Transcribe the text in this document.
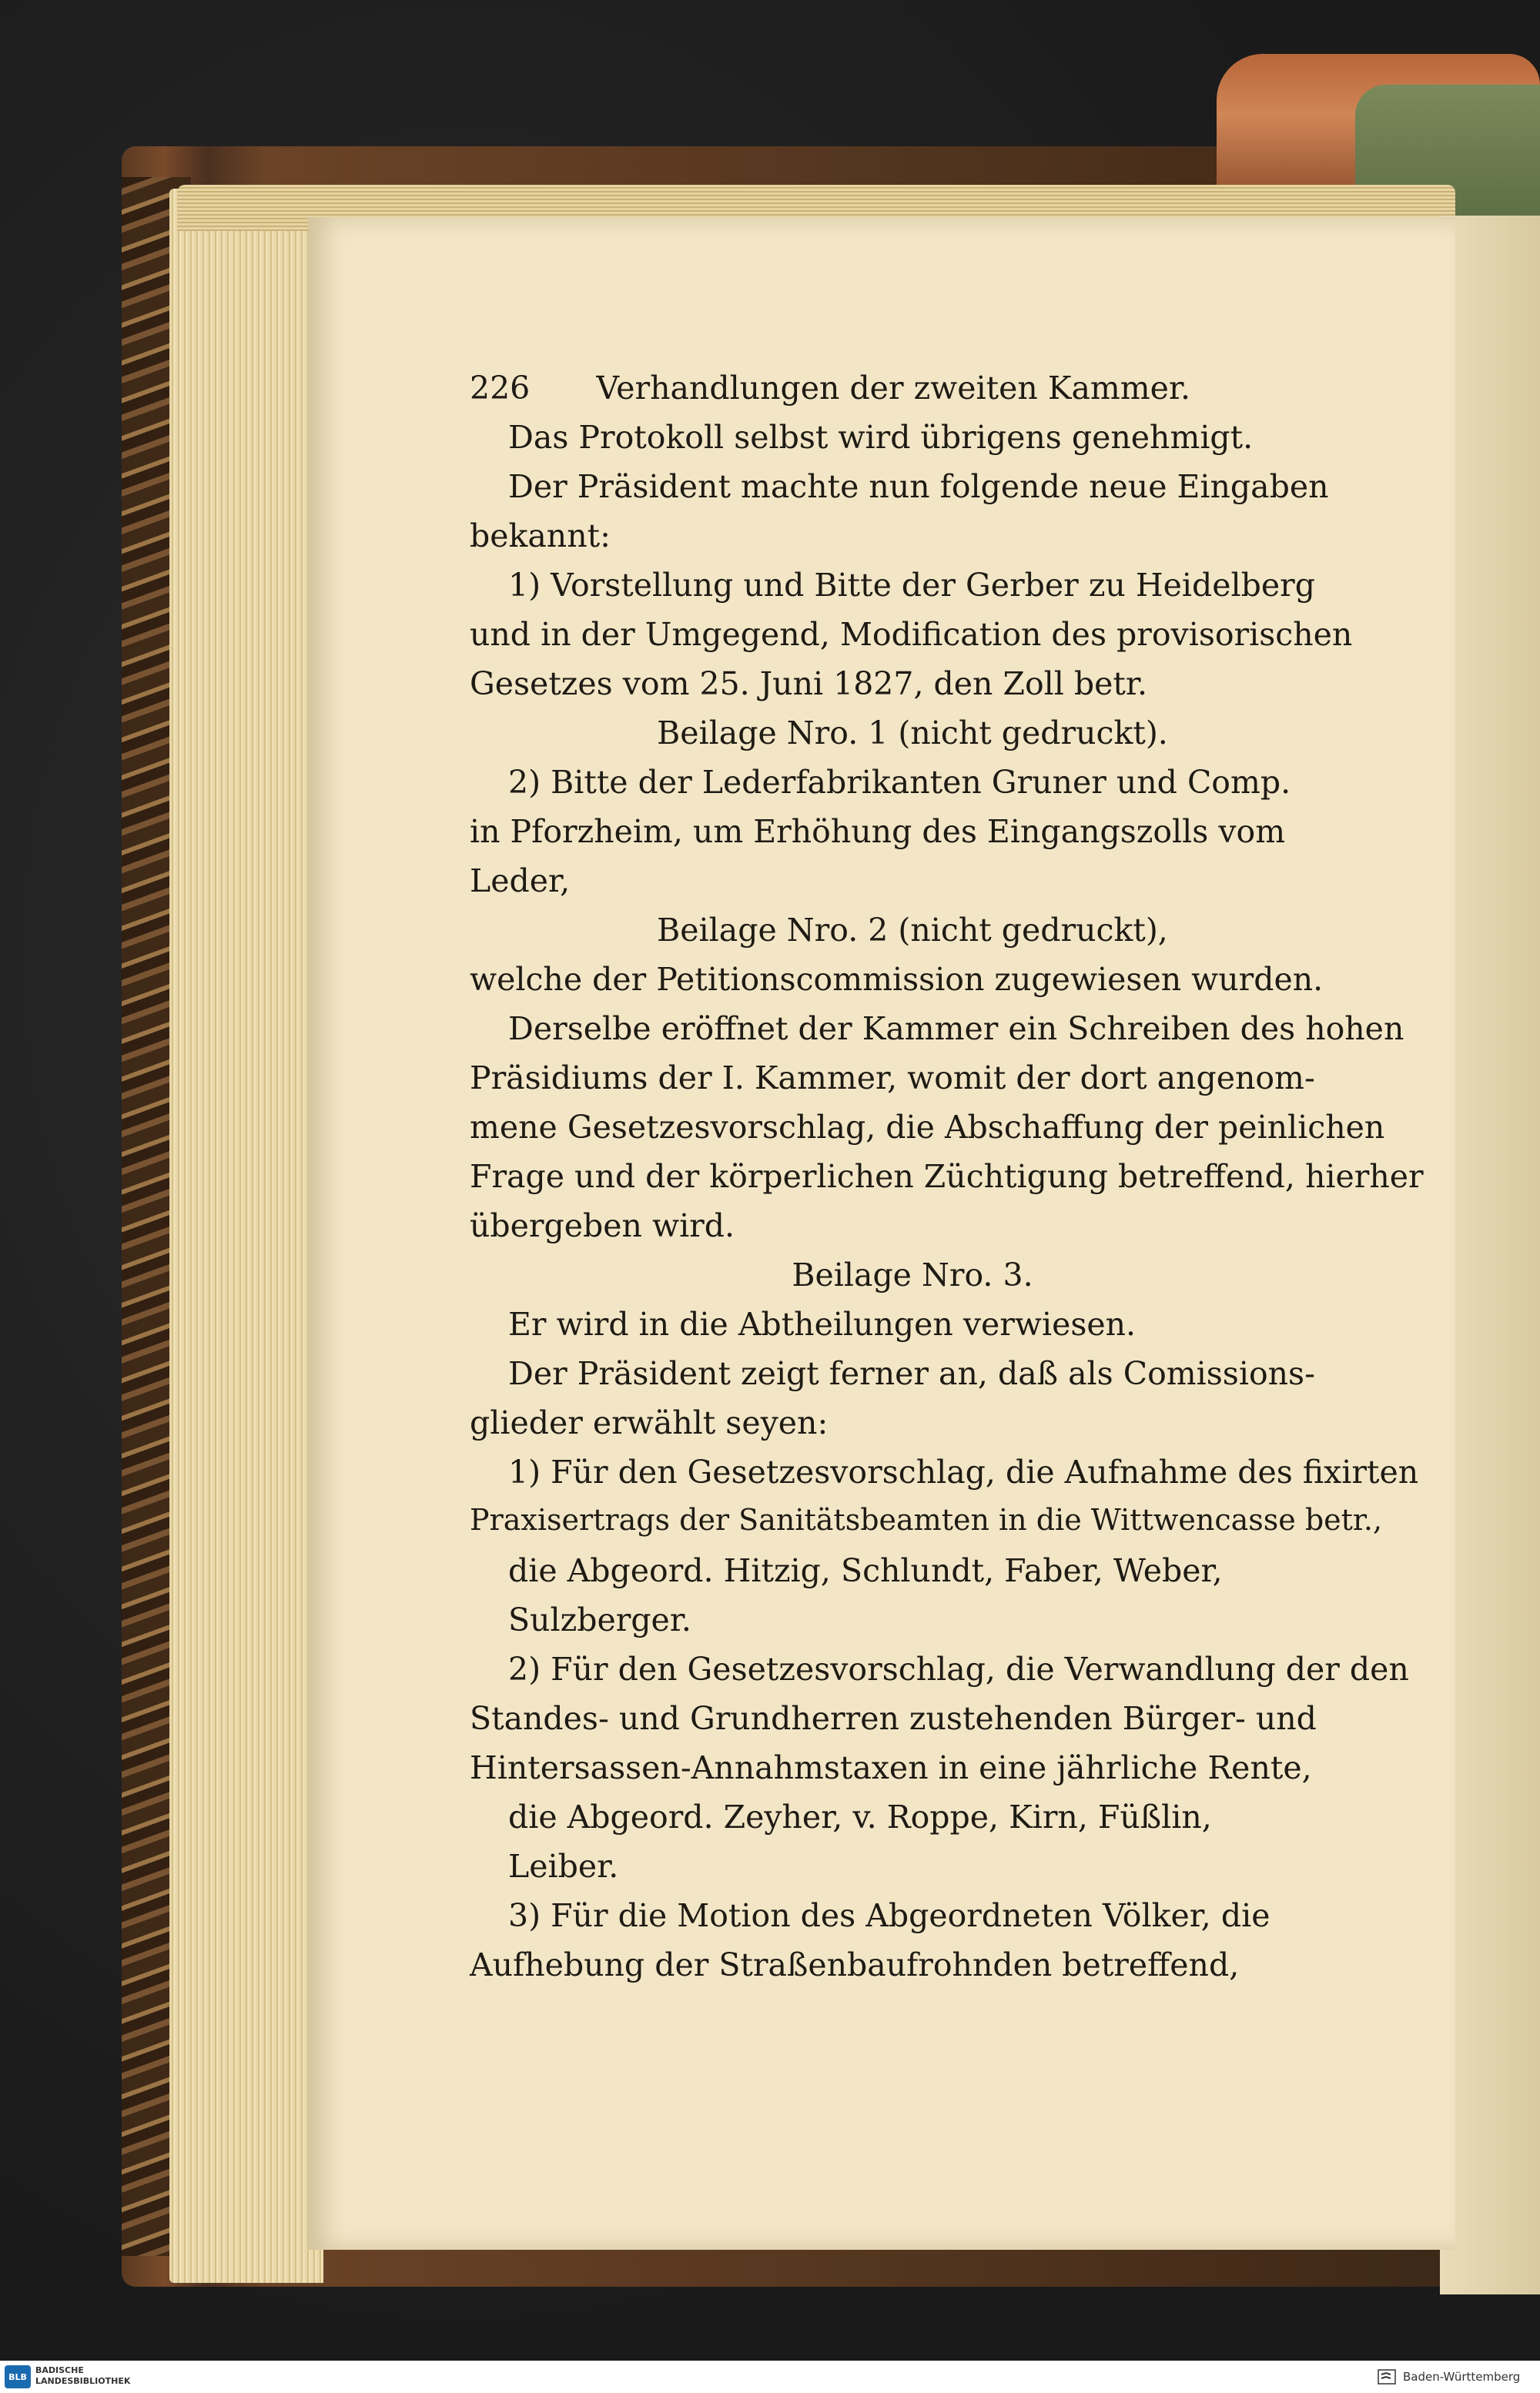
226 Verhandlungen der zweiten Kammer.
Das Protokoll selbst wird übrigens genehmigt.
Der Präsident machte nun folgende neue Eingaben
bekannt:
1) Vorstellung und Bitte der Gerber zu Heidelberg
und in der Umgegend, Modification des provisorischen
Gesetzes vom 25. Juni 1827, den Zoll betr.
Beilage Nro. 1 (nicht gedruckt).
2) Bitte der Lederfabrikanten Gruner und Comp.
in Pforzheim, um Erhöhung des Eingangszolls vom
Leder,
Beilage Nro. 2 (nicht gedruckt),
welche der Petitionscommission zugewiesen wurden.
Derselbe eröffnet der Kammer ein Schreiben des hohen
Präsidiums der I. Kammer, womit der dort angenom-
mene Gesetzesvorschlag, die Abschaffung der peinlichen
Frage und der körperlichen Züchtigung betreffend, hierher
übergeben wird.
Beilage Nro. 3.
Er wird in die Abtheilungen verwiesen.
Der Präsident zeigt ferner an, daß als Comissions-
glieder erwählt seyen:
1) Für den Gesetzesvorschlag, die Aufnahme des fixirten
Praxisertrags der Sanitätsbeamten in die Wittwencasse betr.,
die Abgeord. Hitzig, Schlundt, Faber, Weber,
Sulzberger.
2) Für den Gesetzesvorschlag, die Verwandlung der den
Standes- und Grundherren zustehenden Bürger- und
Hintersassen-Annahmstaxen in eine jährliche Rente,
die Abgeord. Zeyher, v. Roppe, Kirn, Füßlin,
Leiber.
3) Für die Motion des Abgeordneten Völker, die
Aufhebung der Straßenbaufrohnden betreffend,
BLB
BADISCHE
LANDESBIBLIOTHEK	Baden-Württemberg
